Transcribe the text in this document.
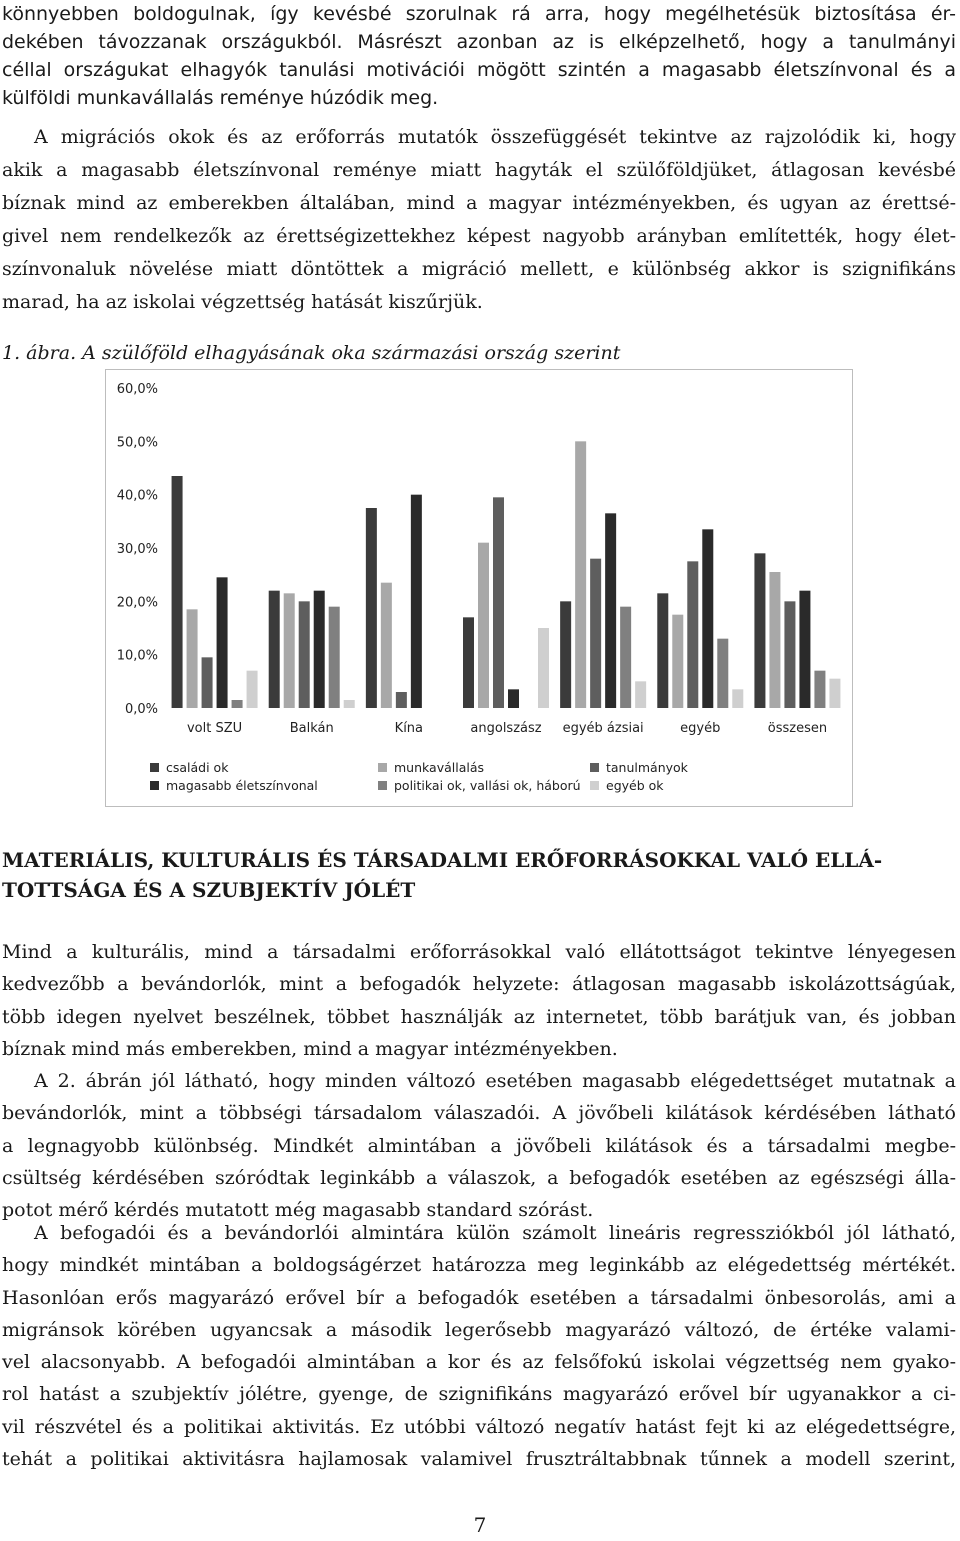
könnyebben boldogulnak, így kevésbé szorulnak rá arra, hogy megélhetésük biztosítása ér-
dekében távozzanak országukból. Másrészt azonban az is elképzelhető, hogy a tanulmányi
céllal országukat elhagyók tanulási motivációi mögött szintén a magasabb életszínvonal és a
külföldi munkavállalás reménye húzódik meg.
A migrációs okok és az erőforrás mutatók összefüggését tekintve az rajzolódik ki, hogy
akik a magasabb életszínvonal reménye miatt hagyták el szülőföldjüket, átlagosan kevésbé
bíznak mind az emberekben általában, mind a magyar intézményekben, és ugyan az érettsé-
givel nem rendelkezők az érettségizettekhez képest nagyobb arányban említették, hogy élet-
színvonaluk növelése miatt döntöttek a migráció mellett, e különbség akkor is szignifikáns
marad, ha az iskolai végzettség hatását kiszűrjük.

1. ábra. A szülőföld elhagyásának oka származási ország szerint

0,0%
10,0%
20,0%
30,0%
40,0%
50,0%
60,0%
volt SZU	Balkán	Kína	angolszász egyéb ázsiai	egyéb	összesen
családi ok	munkavállalás	tanulmányok
magasabb életszínvonal	politikai ok, vallási ok, háború egyéb ok
MATERIÁLIS, KULTURÁLIS ÉS TÁRSADALMI ERŐFORRÁSOKKAL VALÓ ELLÁ-
TOTTSÁGA ÉS A SZUBJEKTÍV JÓLÉT
Mind a kulturális, mind a társadalmi erőforrásokkal való ellátottságot tekintve lényegesen
kedvezőbb a bevándorlók, mint a befogadók helyzete: átlagosan magasabb iskolázottságúak,
több idegen nyelvet beszélnek, többet használják az internetet, több barátjuk van, és jobban
bíznak mind más emberekben, mind a magyar intézményekben.
A 2. ábrán jól látható, hogy minden változó esetében magasabb elégedettséget mutatnak a
bevándorlók, mint a többségi társadalom válaszadói. A jövőbeli kilátások kérdésében látható
a legnagyobb különbség. Mindkét almintában a jövőbeli kilátások és a társadalmi megbe-
csültség kérdésében szóródtak leginkább a válaszok, a befogadók esetében az egészségi álla-
potot mérő kérdés mutatott még magasabb standard szórást.
A befogadói és a bevándorlói almintára külön számolt lineáris regressziókból jól látható,
hogy mindkét mintában a boldogságérzet határozza meg leginkább az elégedettség mértékét.
Hasonlóan erős magyarázó erővel bír a befogadók esetében a társadalmi önbesorolás, ami a
migránsok körében ugyancsak a második legerősebb magyarázó változó, de értéke valami-
vel alacsonyabb. A befogadói almintában a kor és az felsőfokú iskolai végzettség nem gyako-
rol hatást a szubjektív jólétre, gyenge, de szignifikáns magyarázó erővel bír ugyanakkor a ci-
vil részvétel és a politikai aktivitás. Ez utóbbi változó negatív hatást fejt ki az elégedettségre,
tehát a politikai aktivitásra hajlamosak valamivel frusztráltabbnak tűnnek a modell szerint,
7
